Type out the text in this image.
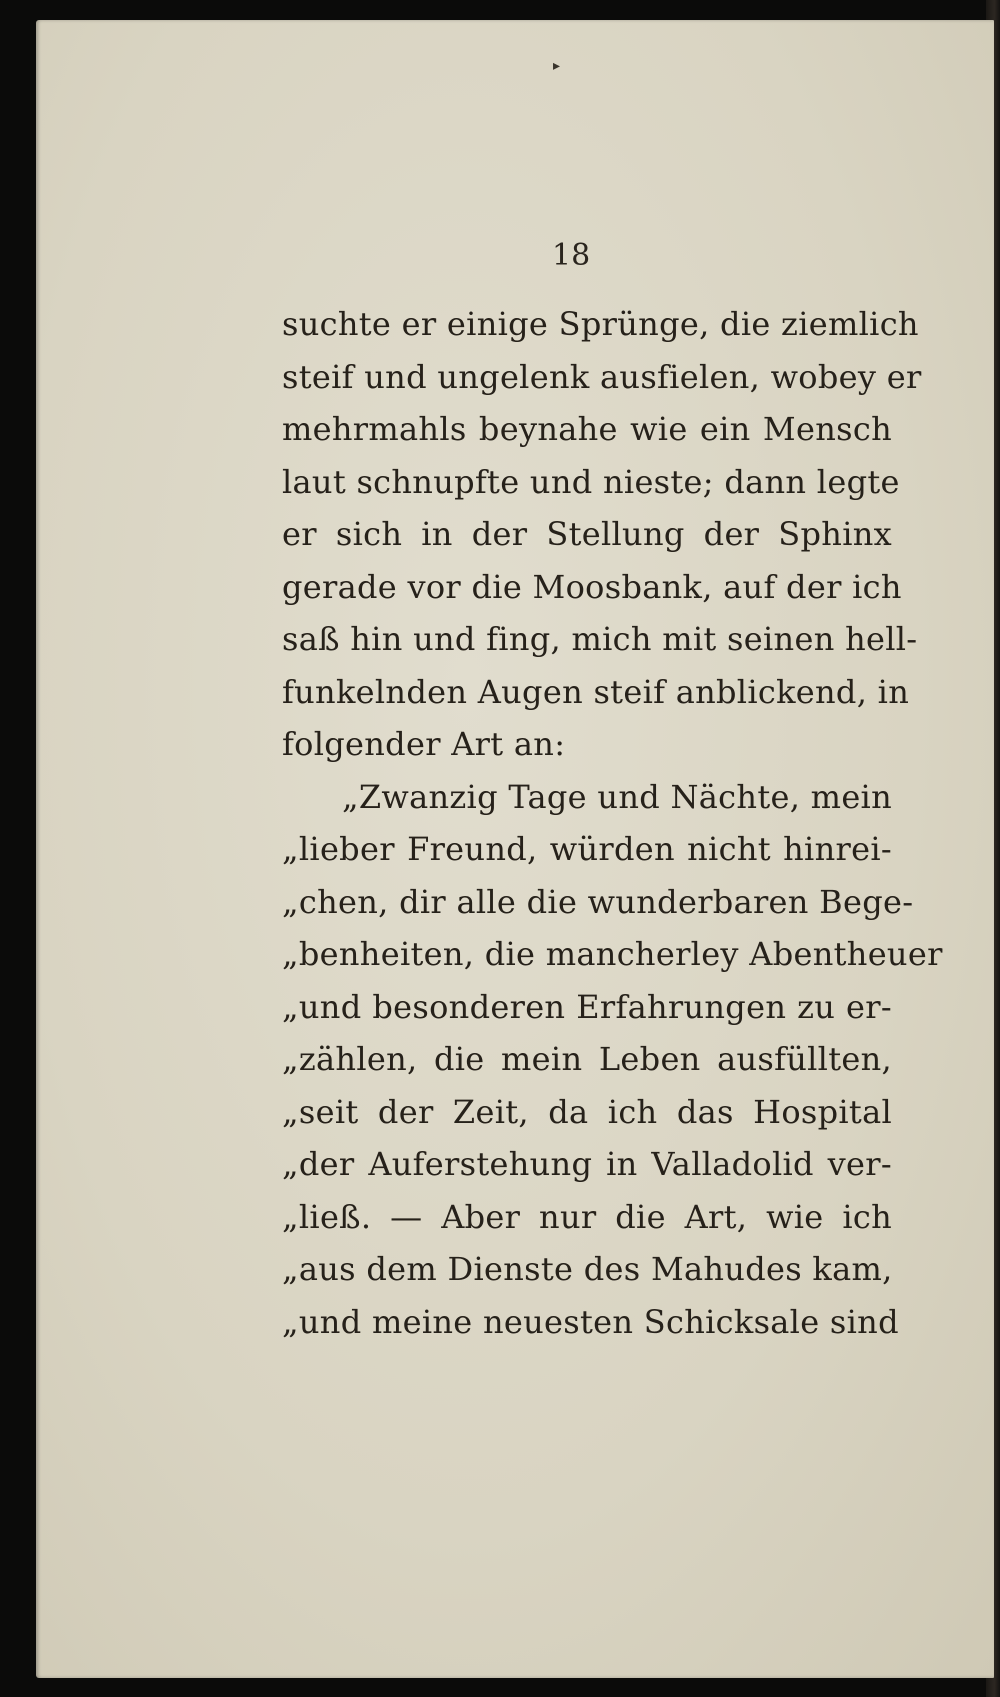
▸
18
suchte er einige Sprünge, die ziemlich
steif und ungelenk ausfielen, wobey er
mehrmahls beynahe wie ein Mensch
laut schnupfte und nieste; dann legte
er sich in der Stellung der Sphinx
gerade vor die Moosbank, auf der ich
saß hin und fing, mich mit seinen hell-
funkelnden Augen steif anblickend, in
folgender Art an:
„Zwanzig Tage und Nächte, mein
„lieber Freund, würden nicht hinrei-
„chen, dir alle die wunderbaren Bege-
„benheiten, die mancherley Abentheuer
„und besonderen Erfahrungen zu er-
„zählen, die mein Leben ausfüllten,
„seit der Zeit, da ich das Hospital
„der Auferstehung in Valladolid ver-
„ließ. — Aber nur die Art, wie ich
„aus dem Dienste des Mahudes kam,
„und meine neuesten Schicksale sind
